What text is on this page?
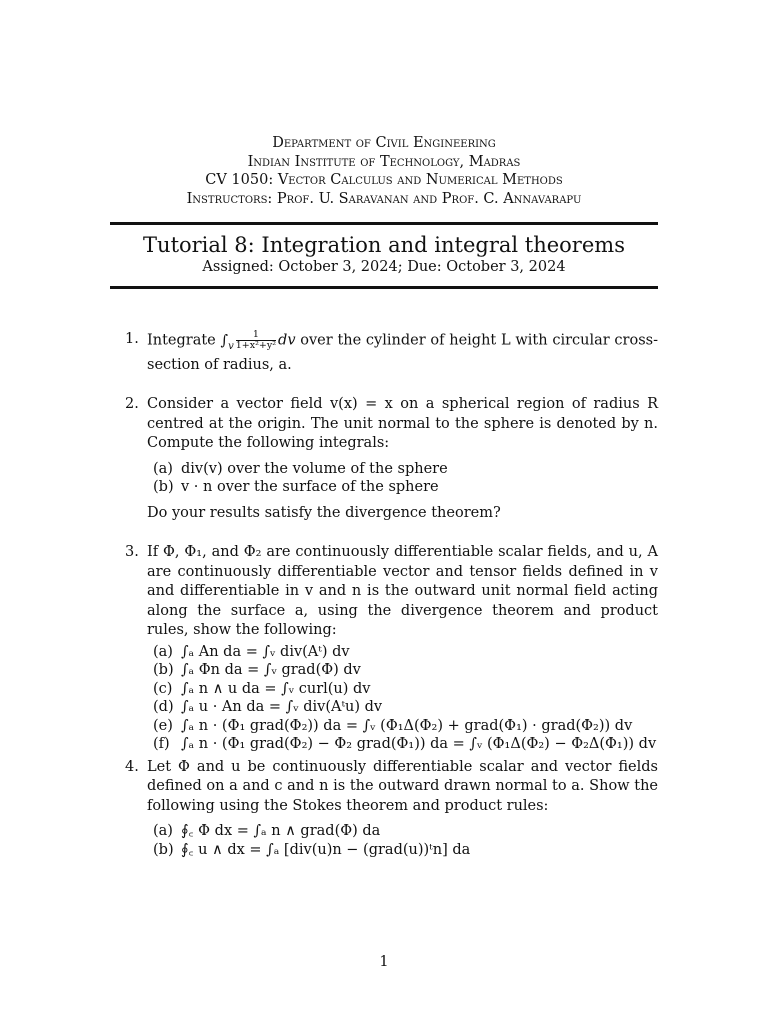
Department of Civil Engineering
Indian Institute of Technology, Madras
CV 1050: Vector Calculus and Numerical Methods
Instructors: Prof. U. Saravanan and Prof. C. Annavarapu
Tutorial 8: Integration and integral theorems
Assigned: October 3, 2024; Due: October 3, 2024
1. Integrate $\int_v \frac{1}{\text{1+x²+y²}}$ dv over the cylinder of height L with circular cross-section of radius, a.
2. Consider a vector field v(x) = x on a spherical region of radius R centred at the origin. The unit normal to the sphere is denoted by n. Compute the following integrals:
(a) div(v) over the volume of the sphere
(b) v · n over the surface of the sphere
Do your results satisfy the divergence theorem?
3. If Φ, Φ₁, and Φ₂ are continuously differentiable scalar fields, and u, A are continuously differentiable vector and tensor fields defined in v and differentiable in v and n is the outward unit normal field acting along the surface a, using the divergence theorem and product rules, show the following:
(a) ∫ₐ An da = ∫ᵥ div(Aᵗ) dv
(b) ∫ₐ Φn da = ∫ᵥ grad(Φ) dv
(c) ∫ₐ n ∧ u da = ∫ᵥ curl(u) dv
(d) ∫ₐ u · An da = ∫ᵥ div(Aᵗu) dv
(e) ∫ₐ n · (Φ₁ grad(Φ₂)) da = ∫ᵥ (Φ₁Δ(Φ₂) + grad(Φ₁) · grad(Φ₂)) dv
(f) ∫ₐ n · (Φ₁ grad(Φ₂) − Φ₂ grad(Φ₁)) da = ∫ᵥ (Φ₁Δ(Φ₂) − Φ₂Δ(Φ₁)) dv
4. Let Φ and u be continuously differentiable scalar and vector fields defined on a and c and n is the outward drawn normal to a. Show the following using the Stokes theorem and product rules:
(a) ∮꜀ Φ dx = ∫ₐ n ∧ grad(Φ) da
(b) ∮꜀ u ∧ dx = ∫ₐ [div(u)n − (grad(u))ᵗn] da
1
